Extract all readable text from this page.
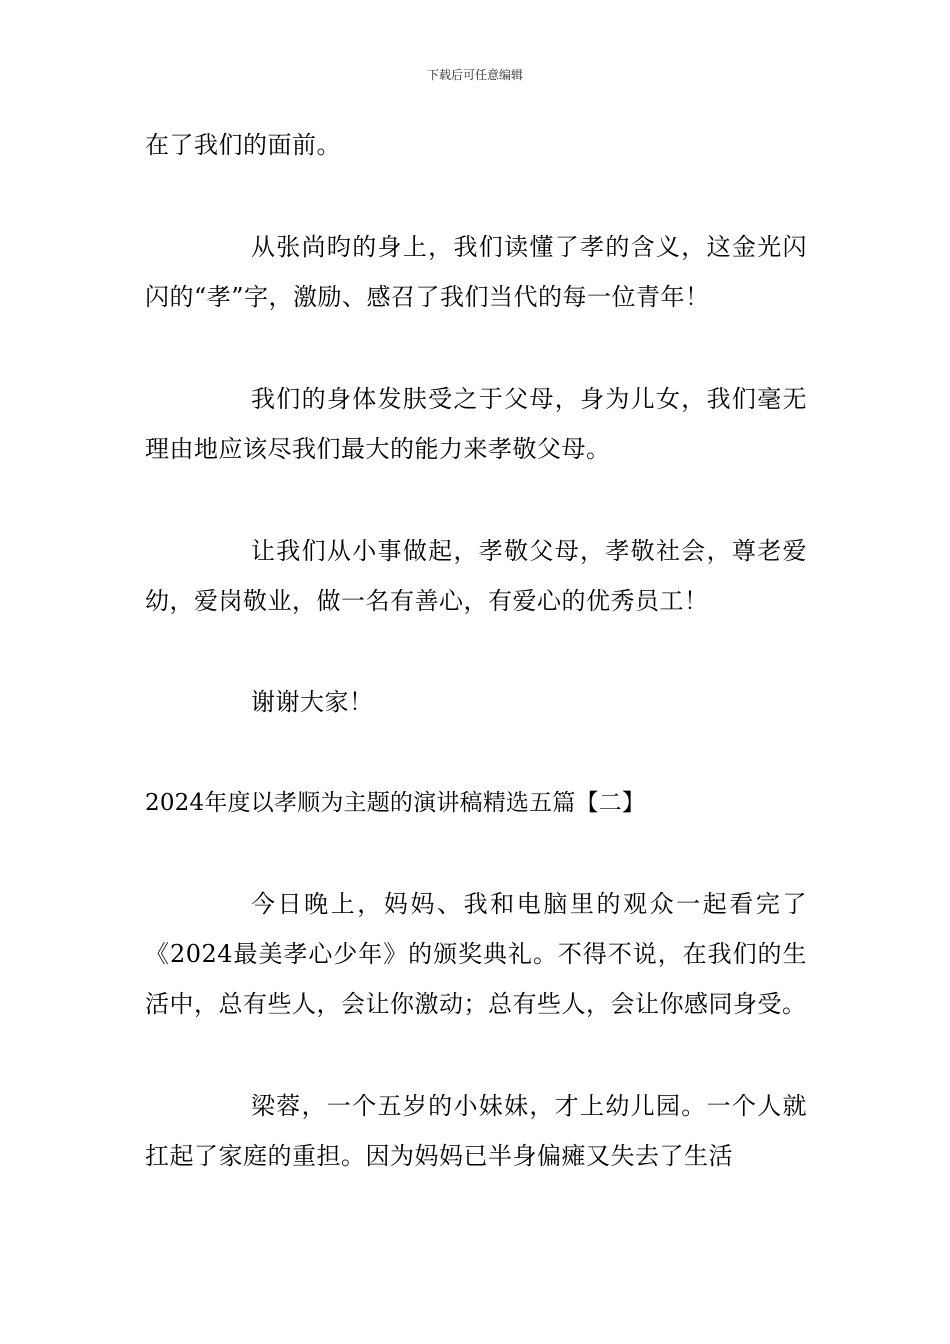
下载后可任意编辑

在了我们的面前。

从张尚昀的身上，我们读懂了孝的含义，这金光闪闪的“孝”字，激励、感召了我们当代的每一位青年！

我们的身体发肤受之于父母，身为儿女，我们毫无理由地应该尽我们最大的能力来孝敬父母。

让我们从小事做起，孝敬父母，孝敬社会，尊老爱幼，爱岗敬业，做一名有善心，有爱心的优秀员工！

谢谢大家！

2024年度以孝顺为主题的演讲稿精选五篇【二】

今日晚上，妈妈、我和电脑里的观众一起看完了《2024最美孝心少年》的颁奖典礼。不得不说，在我们的生活中，总有些人，会让你激动；总有些人，会让你感同身受。

梁蓉，一个五岁的小妹妹，才上幼儿园。一个人就扛起了家庭的重担。因为妈妈已半身偏瘫又失去了生活
